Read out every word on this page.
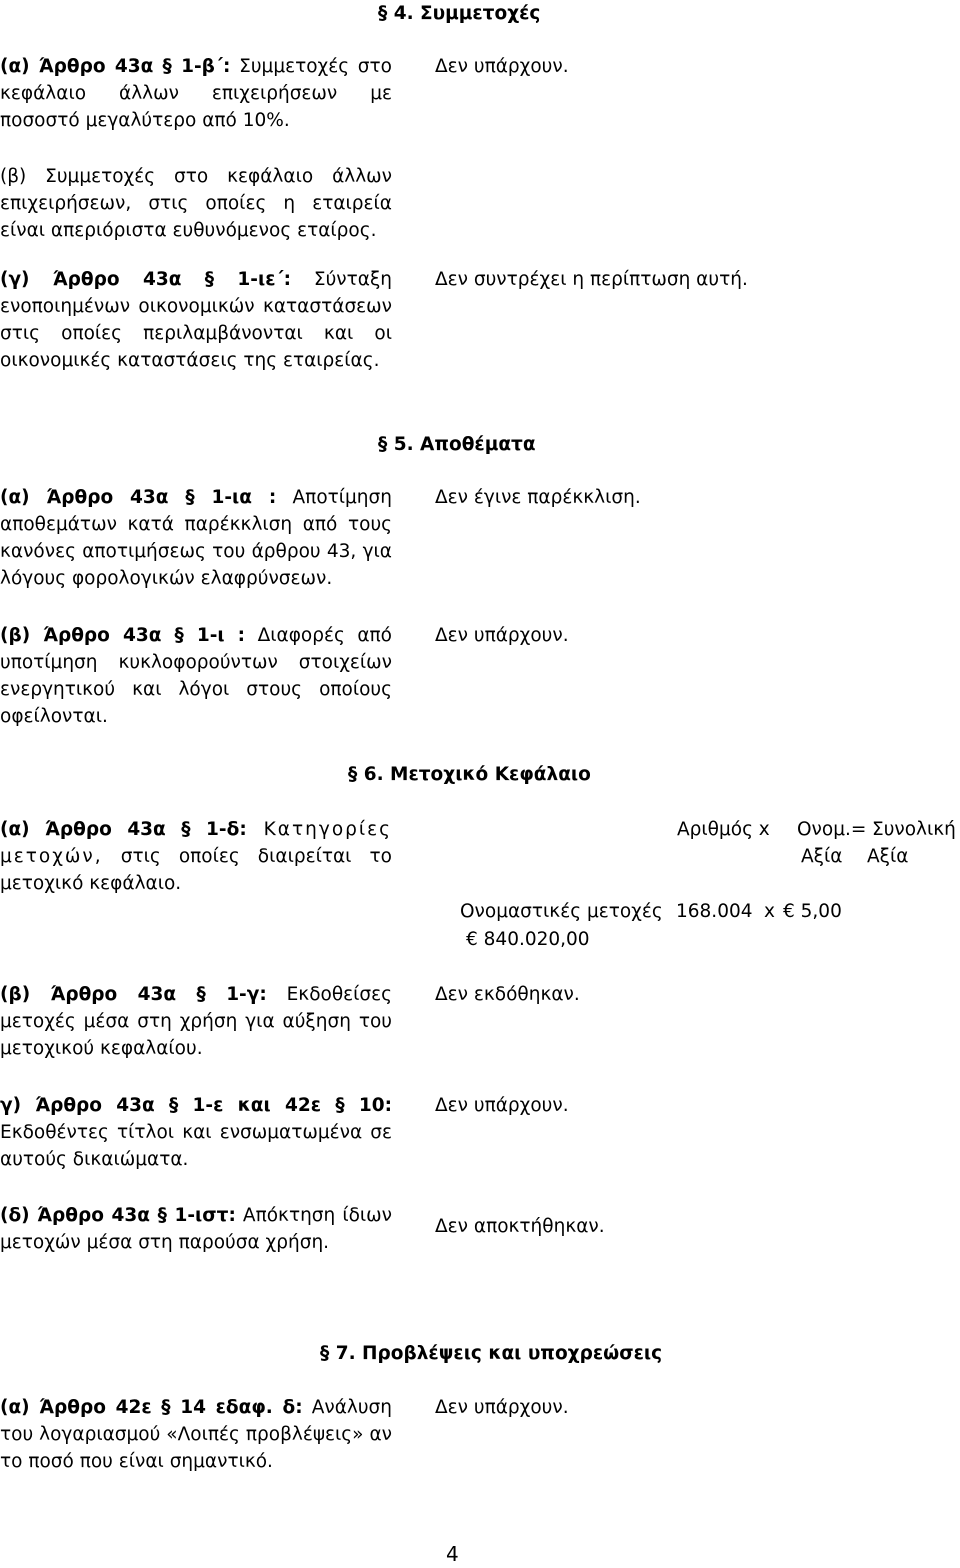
§ 4. Συμμετοχές
(α) Άρθρο 43α § 1-β΄: Συμμετοχές στο κεφάλαιο άλλων επιχειρήσεων με ποσοστό μεγαλύτερο από 10%.
Δεν υπάρχουν.
(β) Συμμετοχές στο κεφάλαιο άλλων επιχειρήσεων, στις οποίες η εταιρεία είναι απεριόριστα ευθυνόμενος εταίρος.
(γ) Άρθρο 43α § 1-ιε΄: Σύνταξη ενοποιημένων οικονομικών καταστάσεων στις οποίες περιλαμβάνονται και οι οικονομικές καταστάσεις της εταιρείας.
Δεν συντρέχει η περίπτωση αυτή.
§ 5. Αποθέματα
(α) Άρθρο 43α § 1-ια : Αποτίμηση αποθεμάτων κατά παρέκκλιση από τους κανόνες αποτιμήσεως του άρθρου 43, για λόγους φορολογικών ελαφρύνσεων.
Δεν έγινε παρέκκλιση.
(β) Άρθρο 43α § 1-ι : Διαφορές από υποτίμηση κυκλοφορούντων στοιχείων ενεργητικού και λόγοι στους οποίους οφείλονται.
Δεν υπάρχουν.
§ 6. Μετοχικό Κεφάλαιο
(α) Άρθρο 43α § 1-δ: Κατηγορίες μετοχών, στις οποίες διαιρείται το μετοχικό κεφάλαιο.
Αριθμός x Ονομ.=
Αξία
Συνολική
Αξία
Ονομαστικές μετοχές 168.004 x € 5,00
€ 840.020,00
(β) Άρθρο 43α § 1-γ: Εκδοθείσες μετοχές μέσα στη χρήση για αύξηση του μετοχικού κεφαλαίου.
Δεν εκδόθηκαν.
γ) Άρθρο 43α § 1-ε και 42ε § 10: Εκδοθέντες τίτλοι και ενσωματωμένα σε αυτούς δικαιώματα.
Δεν υπάρχουν.
(δ) Άρθρο 43α § 1-ιστ: Απόκτηση ίδιων μετοχών μέσα στη παρούσα χρήση.
Δεν αποκτήθηκαν.
§ 7. Προβλέψεις και υποχρεώσεις
(α) Άρθρο 42ε § 14 εδαφ. δ: Ανάλυση του λογαριασμού «Λοιπές προβλέψεις» αν το ποσό που είναι σημαντικό.
Δεν υπάρχουν.
4
